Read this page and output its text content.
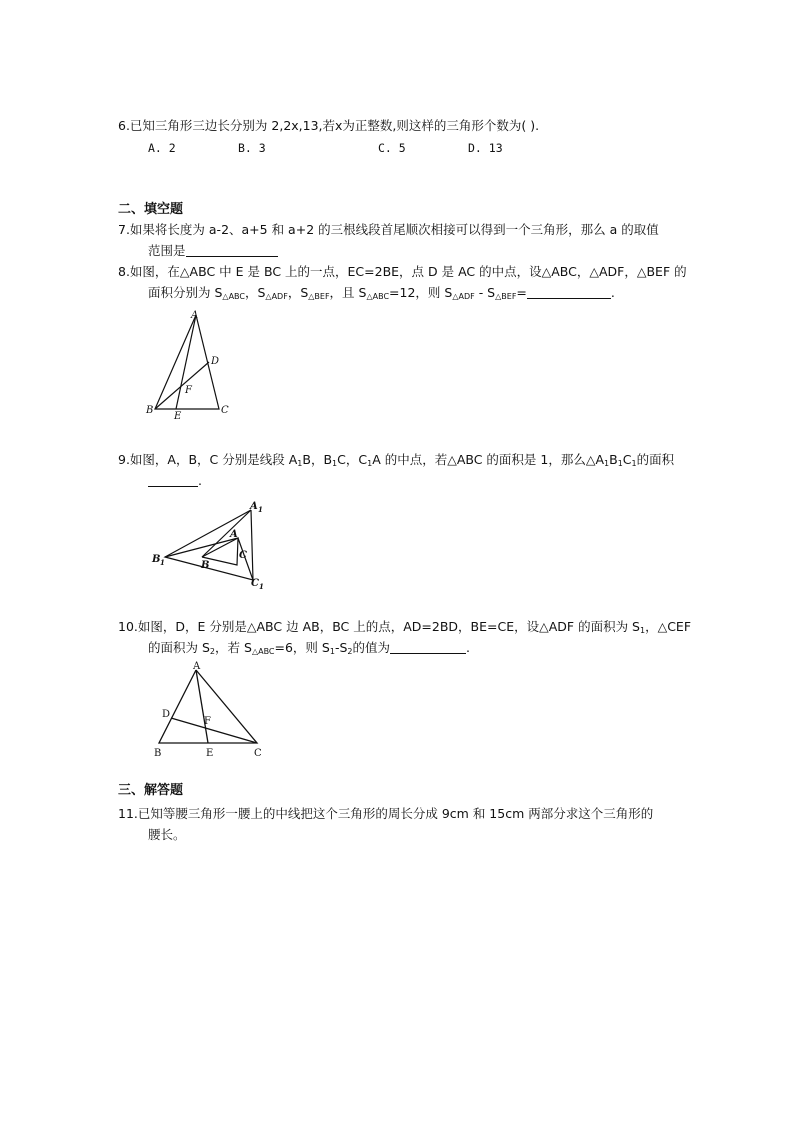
6.已知三角形三边长分别为 2,2x,13,若x为正整数,则这样的三角形个数为( ).
A. 2	B. 3	C. 5	D. 13
二、填空题
7.如果将长度为 a-2、a+5 和 a+2 的三根线段首尾顺次相接可以得到一个三角形，那么 a 的取值
范围是
8.如图，在△ABC 中 E 是 BC 上的一点，EC=2BE，点 D 是 AC 的中点，设△ABC，△ADF，△BEF 的
面积分别为 $S_{\triangle ABC}$，$S_{\triangle ADF}$，$S_{\triangle BEF}$，且 $S_{\triangle ABC}=12$，则 $S_{\triangle ADF} - S_{\triangle BEF}=$	.
A
D
F
B
E
C
9.如图，A，B，C 分别是线段 $A_1B$，$B_1C$，$C_1A$ 的中点，若△ABC 的面积是 1，那么$\triangle A_1B_1C_1$的面积
.
A 1
B 1
C 1
A
B
C
10.如图，D，E 分别是△ABC 边 AB，BC 上的点，AD=2BD，BE=CE，设△ADF 的面积为 $S_1$，△CEF
的面积为 $S_2$，若 $S_{\triangle ABC}=6$，则 $S_1-S_2$的值为	.
A
D
F
B	E	C
三、解答题
11.已知等腰三角形一腰上的中线把这个三角形的周长分成 9cm 和 15cm 两部分求这个三角形的
腰长。
